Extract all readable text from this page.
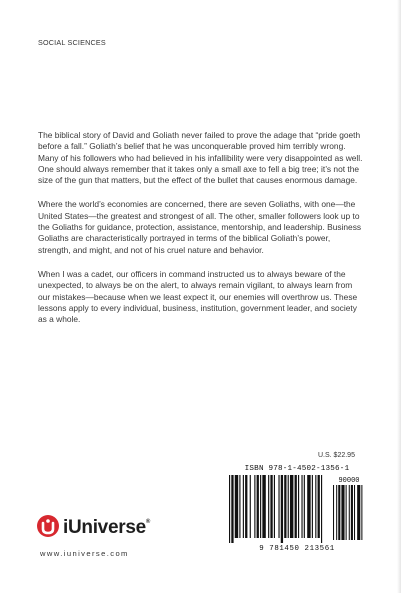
SOCIAL SCIENCES

The biblical story of David and Goliath never failed to prove the adage that “pride goeth before a fall.” Goliath’s belief that he was unconquerable proved him terribly wrong. Many of his followers who had believed in his infallibility were very disappointed as well. One should always remember that it takes only a small axe to fell a big tree; it’s not the size of the gun that matters, but the effect of the bullet that causes enormous damage.

Where the world’s economies are concerned, there are seven Goliaths, with one—the United States—the greatest and strongest of all. The other, smaller followers look up to the Goliaths for guidance, protection, assistance, mentorship, and leadership. Business Goliaths are characteristically portrayed in terms of the biblical Goliath’s power, strength, and might, and not of his cruel nature and behavior.

When I was a cadet, our officers in command instructed us to always beware of the unexpected, to always be on the alert, to always remain vigilant, to always learn from our mistakes—because when we least expect it, our enemies will overthrow us. These lessons apply to every individual, business, institution, government leader, and society as a whole.

U.S. $22.95
ISBN 978-1-4502-1356-1
90000
9 781450 213561
iUniverse®
www.iuniverse.com
